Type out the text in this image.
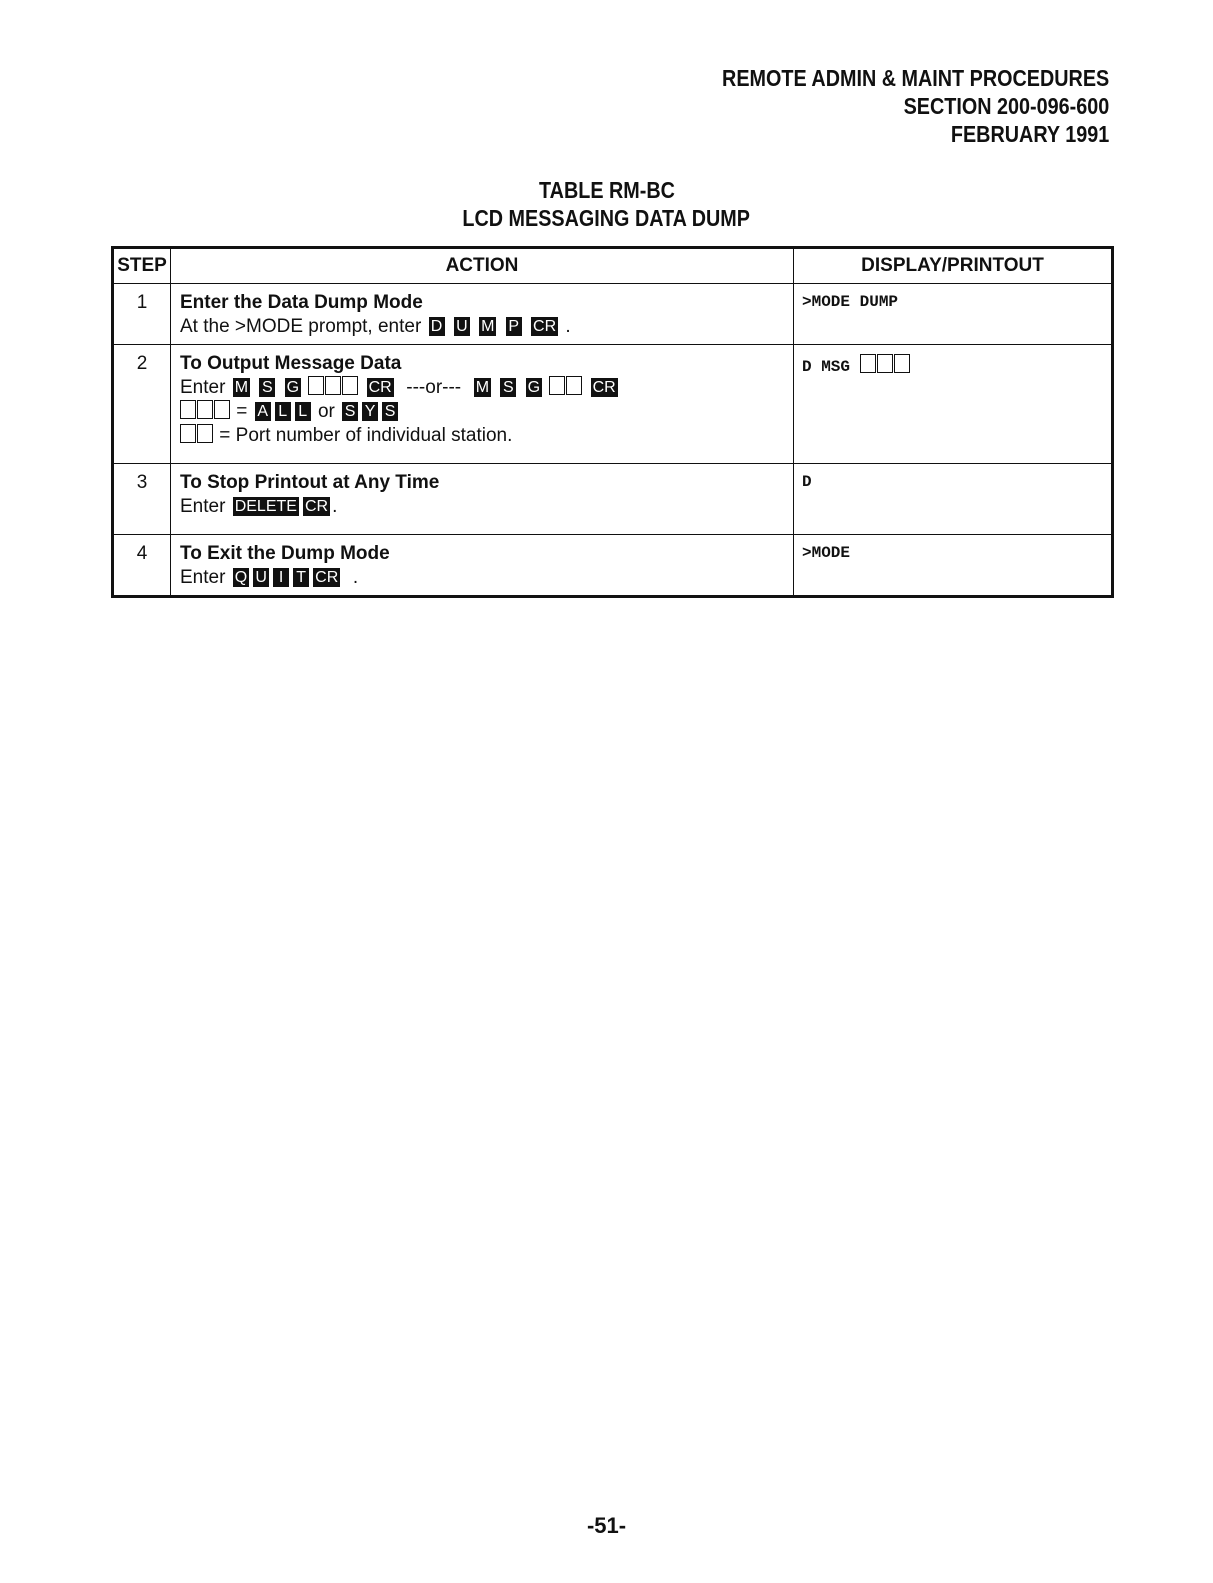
REMOTE ADMIN & MAINT PROCEDURES
SECTION 200-096-600
FEBRUARY 1991
TABLE RM-BC
LCD MESSAGING DATA DUMP
STEP	ACTION	DISPLAY/PRINTOUT
1	Enter the Data Dump Mode
At the >MODE prompt, enter D U M P CR .	>MODE DUMP
2	To Output Message Data
Enter M S G CR ---or--- M S G CR
= A L L or S Y S
= Port number of individual station.	D MSG
3	To Stop Printout at Any Time
Enter DELETE CR .	D
4	To Exit the Dump Mode
Enter Q U I T CR  .	>MODE
-51-
